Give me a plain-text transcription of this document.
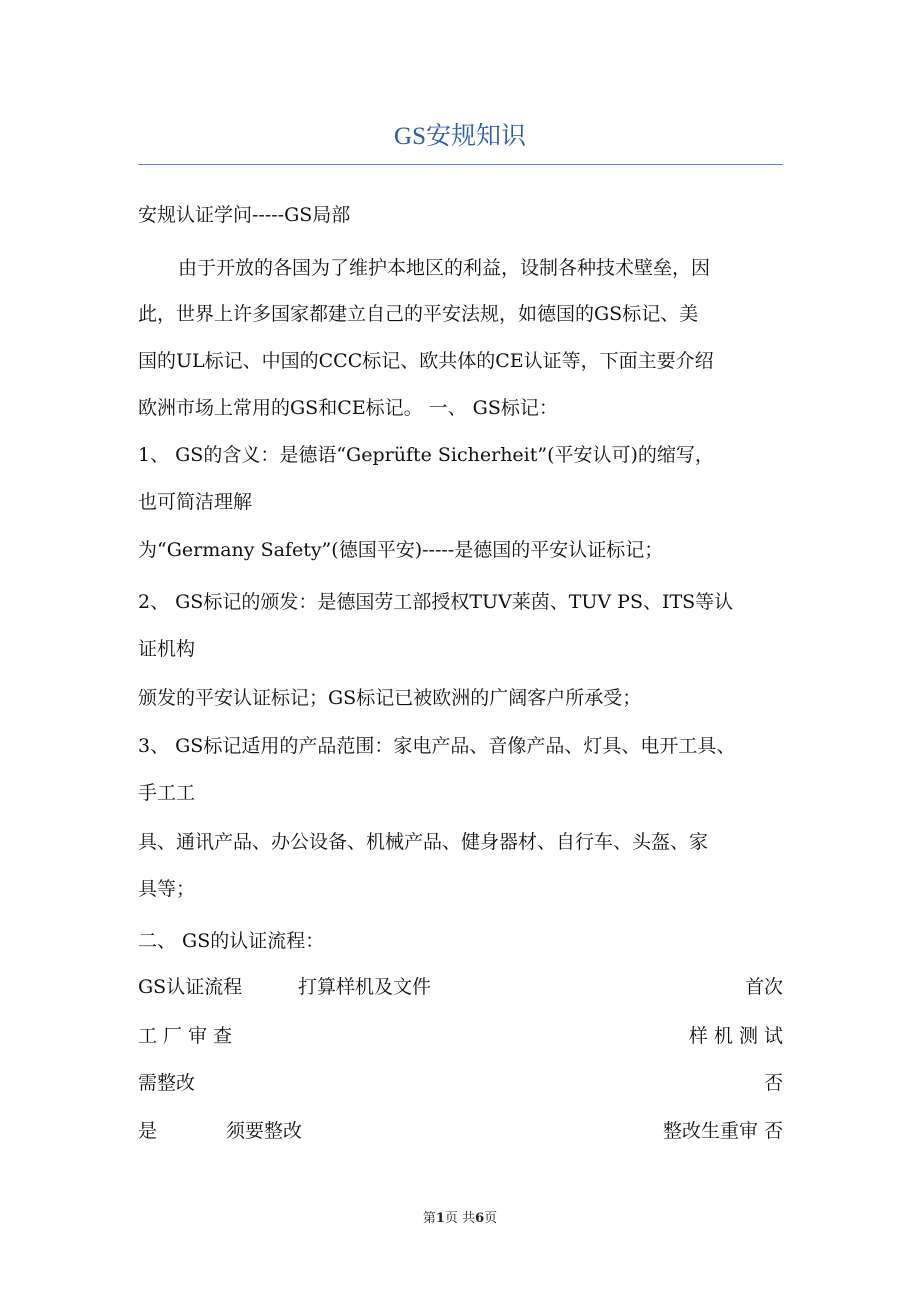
GS安规知识
安规认证学问-----GS局部
由于开放的各国为了维护本地区的利益，设制各种技术壁垒，因
此，世界上许多国家都建立自己的平安法规，如德国的GS标记、美
国的UL标记、中国的CCC标记、欧共体的CE认证等，下面主要介绍
欧洲市场上常用的GS和CE标记。 一、 GS标记：
1、 GS的含义：是德语“Geprüfte Sicherheit”(平安认可)的缩写，
也可简洁理解
为“Germany Safety”(德国平安)-----是德国的平安认证标记；
2、 GS标记的颁发：是德国劳工部授权TUV莱茵、TUV PS、ITS等认
证机构
颁发的平安认证标记；GS标记已被欧洲的广阔客户所承受；
3、 GS标记适用的产品范围：家电产品、音像产品、灯具、电开工具、
手工工
具、通讯产品、办公设备、机械产品、健身器材、自行车、头盔、家
具等；
二、 GS的认证流程：
GS认证流程	打算样机及文件	首次
工 厂 审 查	样 机 测 试
需整改	否
是	须要整改	整改生重审 否
第1页 共6页
